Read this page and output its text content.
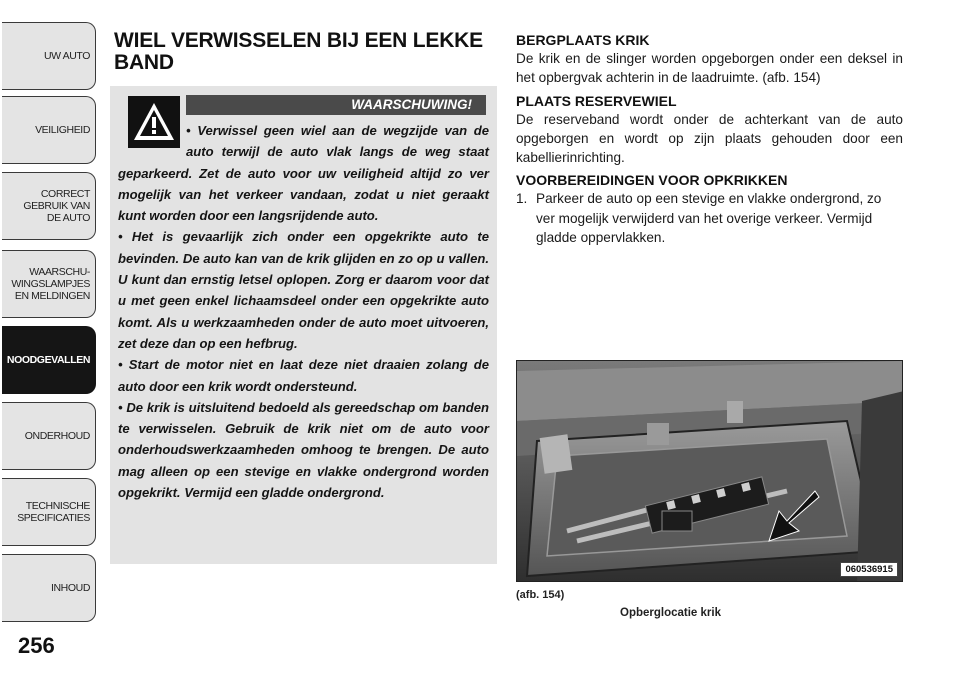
UW AUTO
VEILIGHEID
CORRECT
GEBRUIK VAN
DE AUTO
WAARSCHU-
WINGSLAMPJES
EN MELDINGEN
NOODGEVALLEN
ONDERHOUD
TECHNISCHE
SPECIFICATIES
INHOUD
256
WIEL VERWISSELEN BIJ EEN LEKKE BAND
WAARSCHUWING!

• Verwissel geen wiel aan de wegzijde van de auto terwijl de auto vlak langs de weg staat geparkeerd. Zet de auto voor uw veiligheid altijd zo ver mogelijk van het verkeer vandaan, zodat u niet geraakt kunt worden door een langsrijdende auto.

• Het is gevaarlijk zich onder een opgekrikte auto te bevinden. De auto kan van de krik glijden en zo op u vallen. U kunt dan ernstig letsel oplopen. Zorg er daarom voor dat u met geen enkel lichaamsdeel onder een opgekrikte auto komt. Als u werkzaamheden onder de auto moet uitvoeren, zet deze dan op een hefbrug.

• Start de motor niet en laat deze niet draaien zolang de auto door een krik wordt ondersteund.

• De krik is uitsluitend bedoeld als gereedschap om banden te verwisselen. Gebruik de krik niet om de auto voor onderhoudswerkzaamheden omhoog te brengen. De auto mag alleen op een stevige en vlakke ondergrond worden opgekrikt. Vermijd een gladde ondergrond.

BERGPLAATS KRIK

De krik en de slinger worden opgeborgen onder een deksel in het opbergvak achterin in de laadruimte. (afb. 154)

PLAATS RESERVEWIEL

De reserveband wordt onder de achterkant van de auto opgeborgen en wordt op zijn plaats gehouden door een kabellierinrichting.

VOORBEREIDINGEN VOOR OPKRIKKEN

1. Parkeer de auto op een stevige en vlakke ondergrond, zo ver mogelijk verwijderd van het overige verkeer. Vermijd gladde oppervlakken.
060536915
(afb. 154)
Opberglocatie krik
